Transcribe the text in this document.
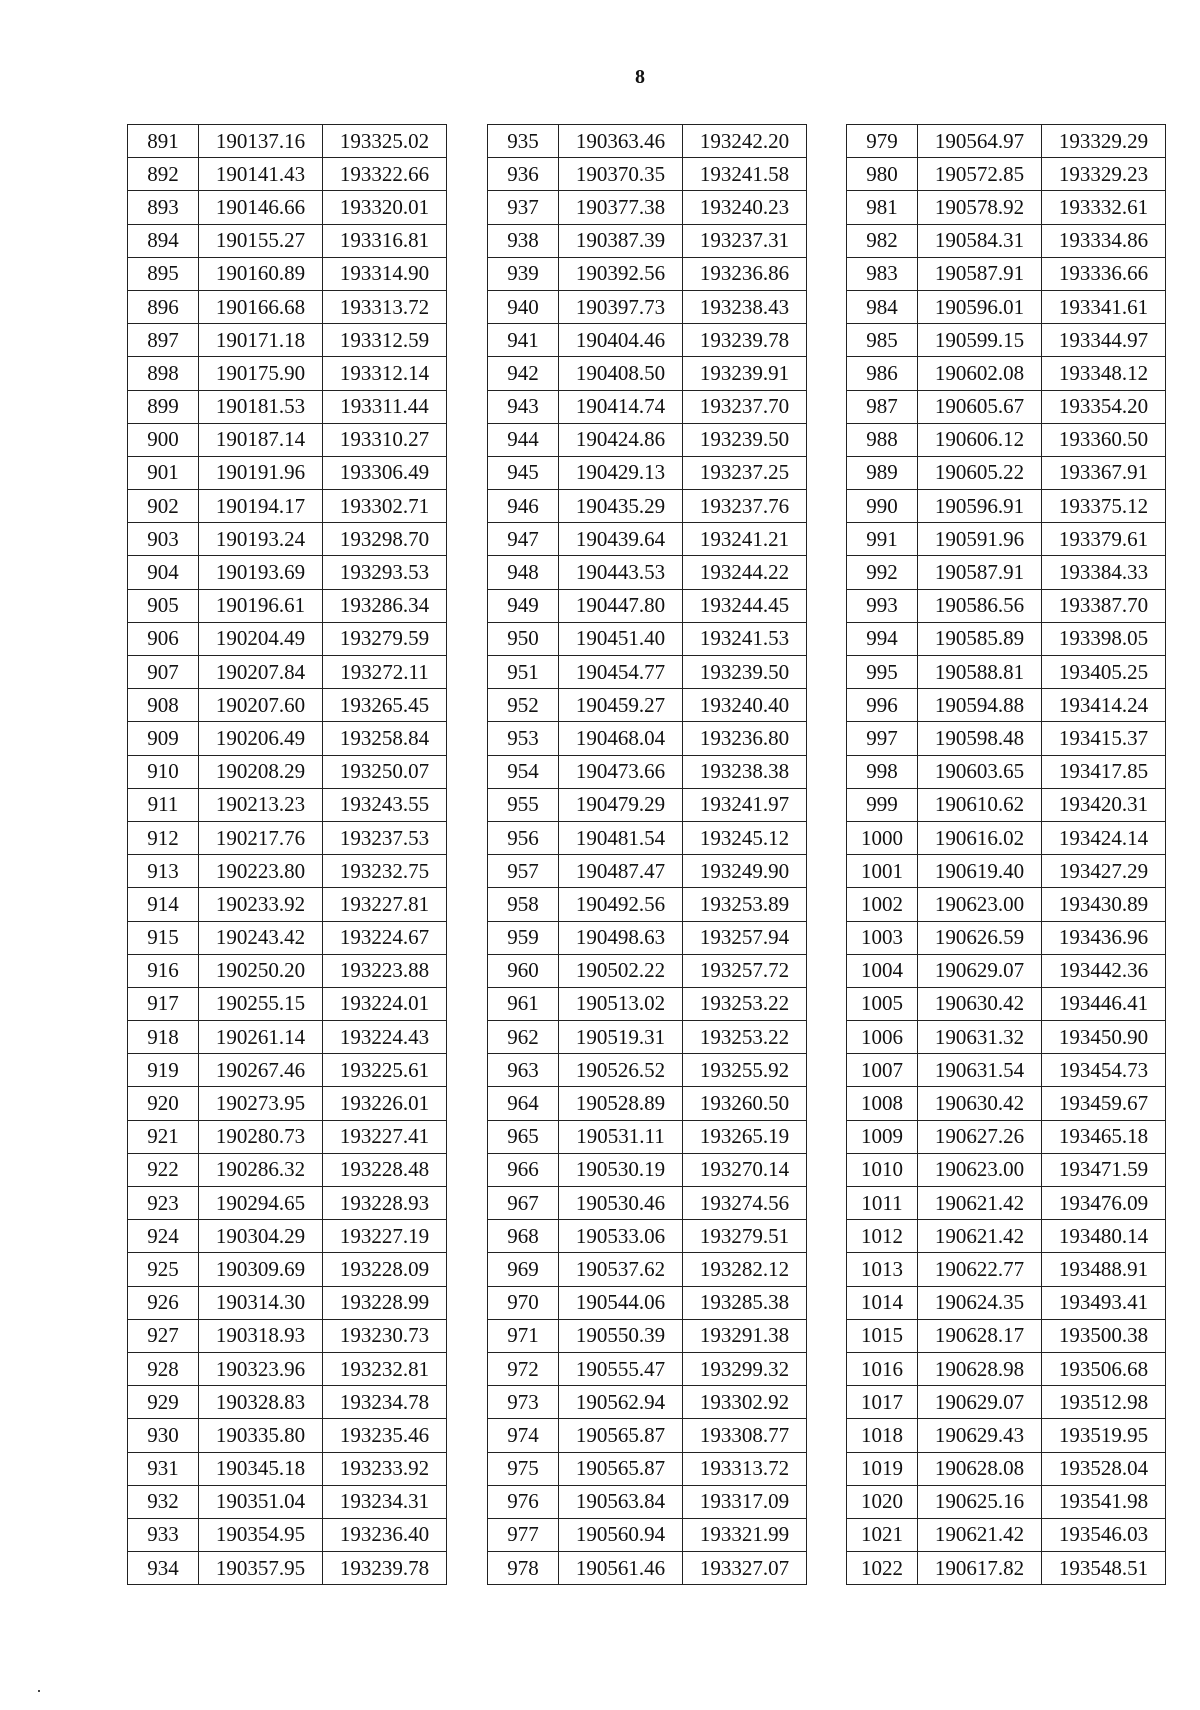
8
891	190137.16	193325.02
892	190141.43	193322.66
893	190146.66	193320.01
894	190155.27	193316.81
895	190160.89	193314.90
896	190166.68	193313.72
897	190171.18	193312.59
898	190175.90	193312.14
899	190181.53	193311.44
900	190187.14	193310.27
901	190191.96	193306.49
902	190194.17	193302.71
903	190193.24	193298.70
904	190193.69	193293.53
905	190196.61	193286.34
906	190204.49	193279.59
907	190207.84	193272.11
908	190207.60	193265.45
909	190206.49	193258.84
910	190208.29	193250.07
911	190213.23	193243.55
912	190217.76	193237.53
913	190223.80	193232.75
914	190233.92	193227.81
915	190243.42	193224.67
916	190250.20	193223.88
917	190255.15	193224.01
918	190261.14	193224.43
919	190267.46	193225.61
920	190273.95	193226.01
921	190280.73	193227.41
922	190286.32	193228.48
923	190294.65	193228.93
924	190304.29	193227.19
925	190309.69	193228.09
926	190314.30	193228.99
927	190318.93	193230.73
928	190323.96	193232.81
929	190328.83	193234.78
930	190335.80	193235.46
931	190345.18	193233.92
932	190351.04	193234.31
933	190354.95	193236.40
934	190357.95	193239.78
935	190363.46	193242.20
936	190370.35	193241.58
937	190377.38	193240.23
938	190387.39	193237.31
939	190392.56	193236.86
940	190397.73	193238.43
941	190404.46	193239.78
942	190408.50	193239.91
943	190414.74	193237.70
944	190424.86	193239.50
945	190429.13	193237.25
946	190435.29	193237.76
947	190439.64	193241.21
948	190443.53	193244.22
949	190447.80	193244.45
950	190451.40	193241.53
951	190454.77	193239.50
952	190459.27	193240.40
953	190468.04	193236.80
954	190473.66	193238.38
955	190479.29	193241.97
956	190481.54	193245.12
957	190487.47	193249.90
958	190492.56	193253.89
959	190498.63	193257.94
960	190502.22	193257.72
961	190513.02	193253.22
962	190519.31	193253.22
963	190526.52	193255.92
964	190528.89	193260.50
965	190531.11	193265.19
966	190530.19	193270.14
967	190530.46	193274.56
968	190533.06	193279.51
969	190537.62	193282.12
970	190544.06	193285.38
971	190550.39	193291.38
972	190555.47	193299.32
973	190562.94	193302.92
974	190565.87	193308.77
975	190565.87	193313.72
976	190563.84	193317.09
977	190560.94	193321.99
978	190561.46	193327.07
979	190564.97	193329.29
980	190572.85	193329.23
981	190578.92	193332.61
982	190584.31	193334.86
983	190587.91	193336.66
984	190596.01	193341.61
985	190599.15	193344.97
986	190602.08	193348.12
987	190605.67	193354.20
988	190606.12	193360.50
989	190605.22	193367.91
990	190596.91	193375.12
991	190591.96	193379.61
992	190587.91	193384.33
993	190586.56	193387.70
994	190585.89	193398.05
995	190588.81	193405.25
996	190594.88	193414.24
997	190598.48	193415.37
998	190603.65	193417.85
999	190610.62	193420.31
1000	190616.02	193424.14
1001	190619.40	193427.29
1002	190623.00	193430.89
1003	190626.59	193436.96
1004	190629.07	193442.36
1005	190630.42	193446.41
1006	190631.32	193450.90
1007	190631.54	193454.73
1008	190630.42	193459.67
1009	190627.26	193465.18
1010	190623.00	193471.59
1011	190621.42	193476.09
1012	190621.42	193480.14
1013	190622.77	193488.91
1014	190624.35	193493.41
1015	190628.17	193500.38
1016	190628.98	193506.68
1017	190629.07	193512.98
1018	190629.43	193519.95
1019	190628.08	193528.04
1020	190625.16	193541.98
1021	190621.42	193546.03
1022	190617.82	193548.51
